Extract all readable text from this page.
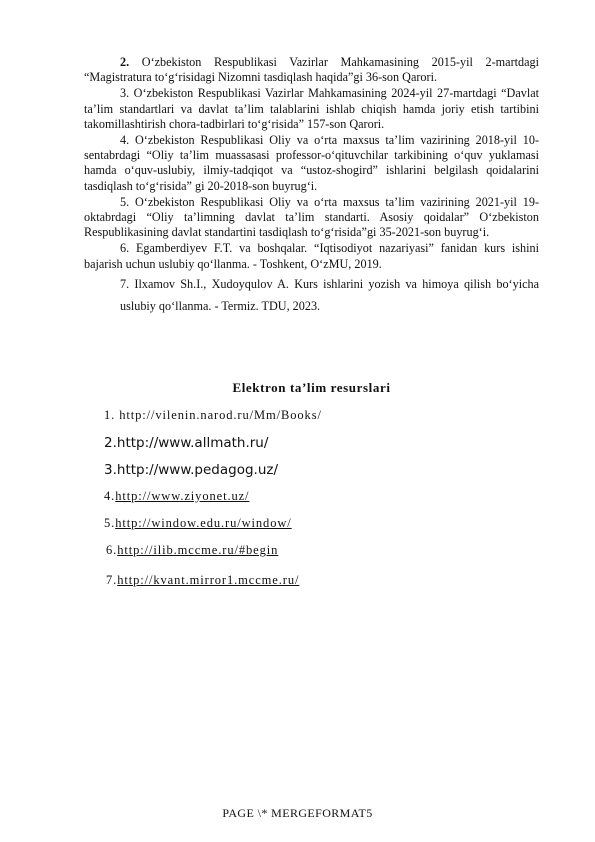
2. O‘zbekiston Respublikasi Vazirlar Mahkamasining 2015-yil 2-martdagi “Magistratura to‘g‘risidagi Nizomni tasdiqlash haqida”gi 36-son Qarori.

3. O‘zbekiston Respublikasi Vazirlar Mahkamasining 2024-yil 27-martdagi “Davlat ta’lim standartlari va davlat ta’lim talablarini ishlab chiqish hamda joriy etish tartibini takomillashtirish chora-tadbirlari to‘g‘risida” 157-son Qarori.

4. O‘zbekiston Respublikasi Oliy va o‘rta maxsus ta’lim vazirining 2018-yil 10-sentabrdagi “Oliy ta’lim muassasasi professor-o‘qituvchilar tarkibining o‘quv yuklamasi hamda o‘quv-uslubiy, ilmiy-tadqiqot va “ustoz-shogird” ishlarini belgilash qoidalarini tasdiqlash to‘g‘risida” gi 20-2018-son buyrug‘i.

5. O‘zbekiston Respublikasi Oliy va o‘rta maxsus ta’lim vazirining 2021-yil 19-oktabrdagi “Oliy ta’limning davlat ta’lim standarti. Asosiy qoidalar” O‘zbekiston Respublikasining davlat standartini tasdiqlash to‘g‘risida”gi 35-2021-son buyrug‘i.

6. Egamberdiyev F.T. va boshqalar. “Iqtisodiyot nazariyasi” fanidan kurs ishini bajarish uchun uslubiy qo‘llanma. - Toshkent, O‘zMU, 2019.

7. Ilxamov Sh.I., Xudoyqulov A. Kurs ishlarini yozish va himoya qilish bo‘yicha uslubiy qo‘llanma. - Termiz. TDU, 2023.

Elektron ta’lim resurslari
1. http://vilenin.narod.ru/Mm/Books/
2.http://www.allmath.ru/
3.http://www.pedagog.uz/
4.http://www.ziyonet.uz/
5.http://window.edu.ru/window/
6.http://ilib.mccme.ru/#begin
7.http://kvant.mirror1.mccme.ru/
PAGE \* MERGEFORMAT5
